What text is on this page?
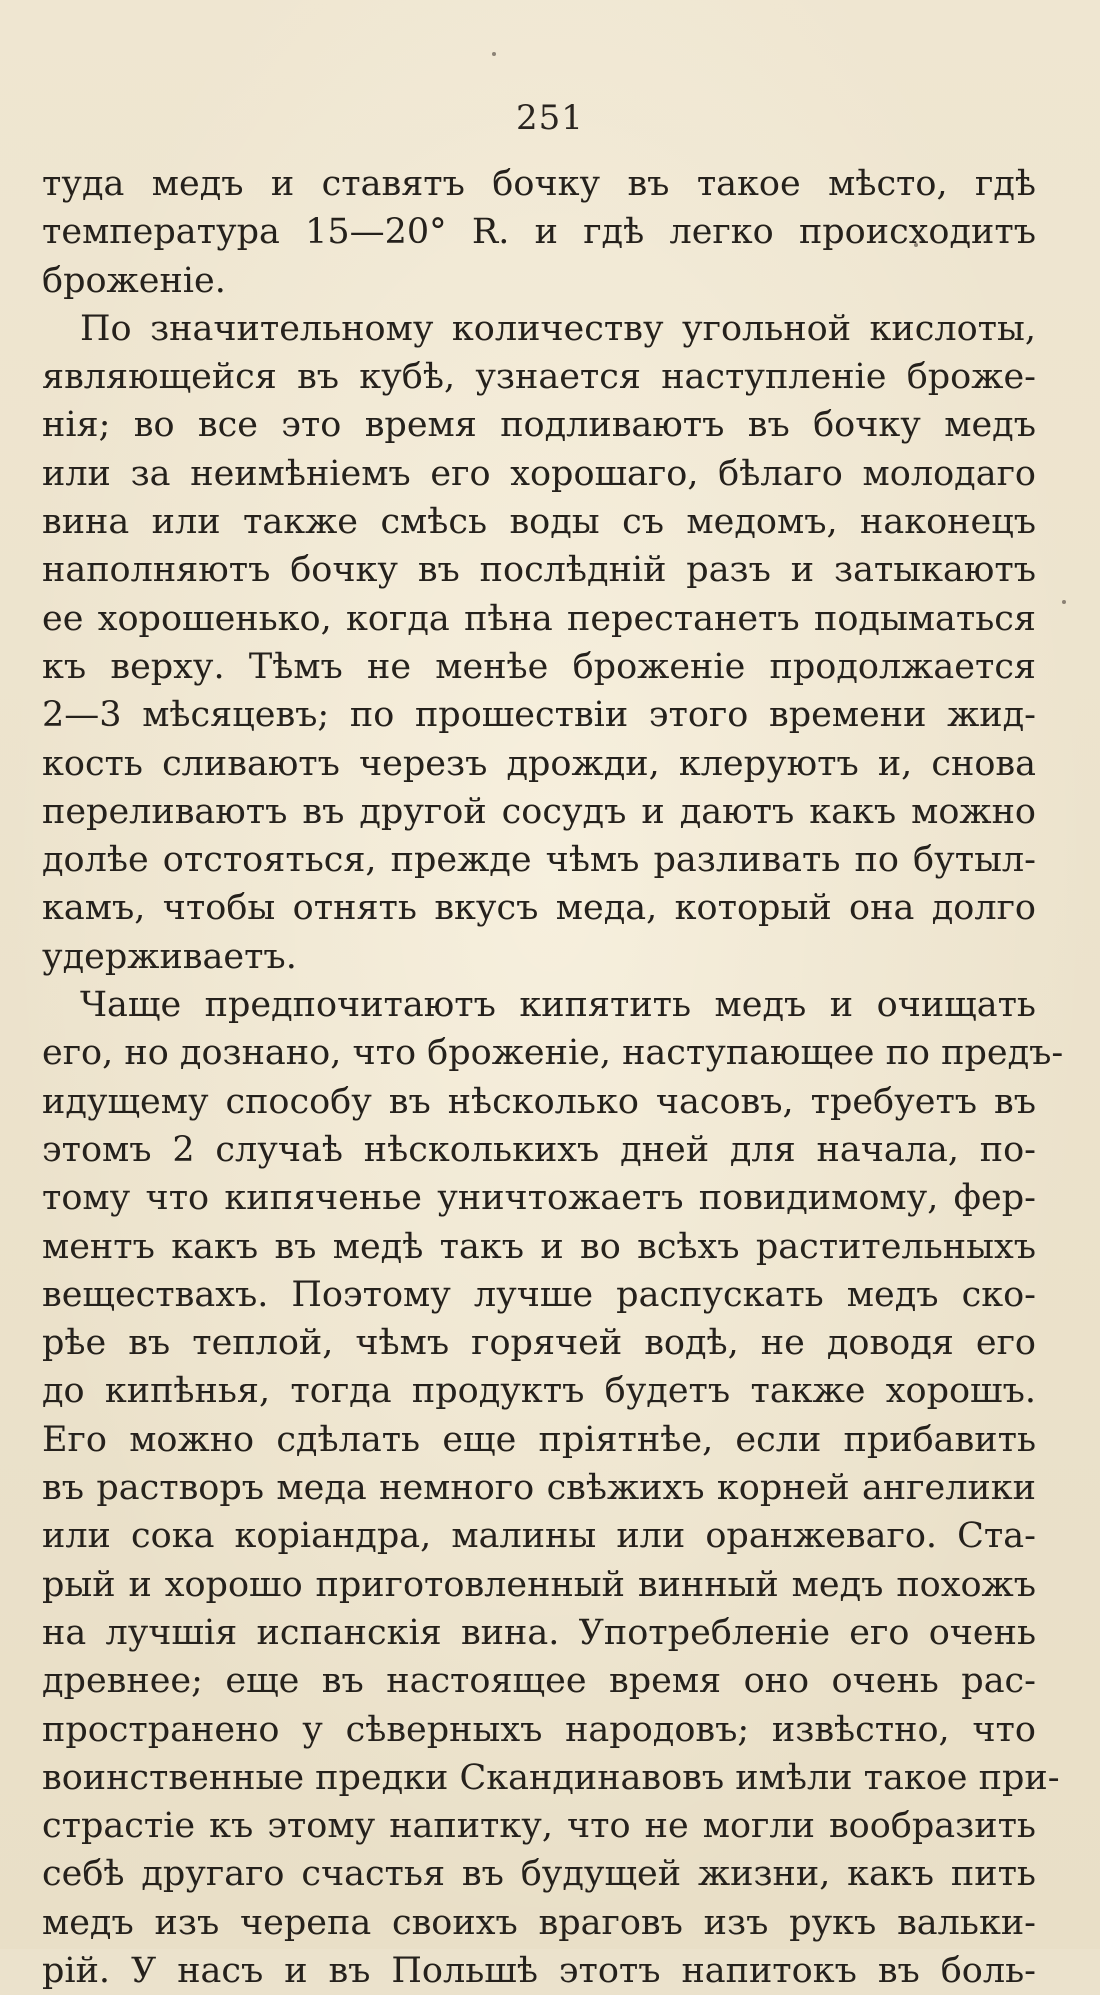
251
туда медъ и ставятъ бочку въ такое мѣсто, гдѣ
температура 15—20° R. и гдѣ легко происходитъ
броженіе.
По значительному количеству угольной кислоты,
являющейся въ кубѣ, узнается наступленіе броже-
нія; во все это время подливаютъ въ бочку медъ
или за неимѣніемъ его хорошаго, бѣлаго молодаго
вина или также смѣсь воды съ медомъ, наконецъ
наполняютъ бочку въ послѣдній разъ и затыкаютъ
ее хорошенько, когда пѣна перестанетъ подыматься
къ верху. Тѣмъ не менѣе броженіе продолжается
2—3 мѣсяцевъ; по прошествіи этого времени жид-
кость сливаютъ черезъ дрожди, клеруютъ и, снова
переливаютъ въ другой сосудъ и даютъ какъ можно
долѣе отстояться, прежде чѣмъ разливать по бутыл-
камъ, чтобы отнять вкусъ меда, который она долго
удерживаетъ.
Чаще предпочитаютъ кипятить медъ и очищать
его, но дознано, что броженіе, наступающее по предъ-
идущему способу въ нѣсколько часовъ, требуетъ въ
этомъ 2 случаѣ нѣсколькихъ дней для начала, по-
тому что кипяченье уничтожаетъ повидимому, фер-
ментъ какъ въ медѣ такъ и во всѣхъ растительныхъ
веществахъ. Поэтому лучше распускать медъ ско-
рѣе въ теплой, чѣмъ горячей водѣ, не доводя его
до кипѣнья, тогда продуктъ будетъ также хорошъ.
Его можно сдѣлать еще пріятнѣе, если прибавить
въ растворъ меда немного свѣжихъ корней ангелики
или сока коріандра, малины или оранжеваго. Ста-
рый и хорошо приготовленный винный медъ похожъ
на лучшія испанскія вина. Употребленіе его очень
древнее; еще въ настоящее время оно очень рас-
пространено у сѣверныхъ народовъ; извѣстно, что
воинственные предки Скандинавовъ имѣли такое при-
страстіе къ этому напитку, что не могли вообразить
себѣ другаго счастья въ будущей жизни, какъ пить
медъ изъ черепа своихъ враговъ изъ рукъ вальки-
рій. У насъ и въ Польшѣ этотъ напитокъ въ боль-
